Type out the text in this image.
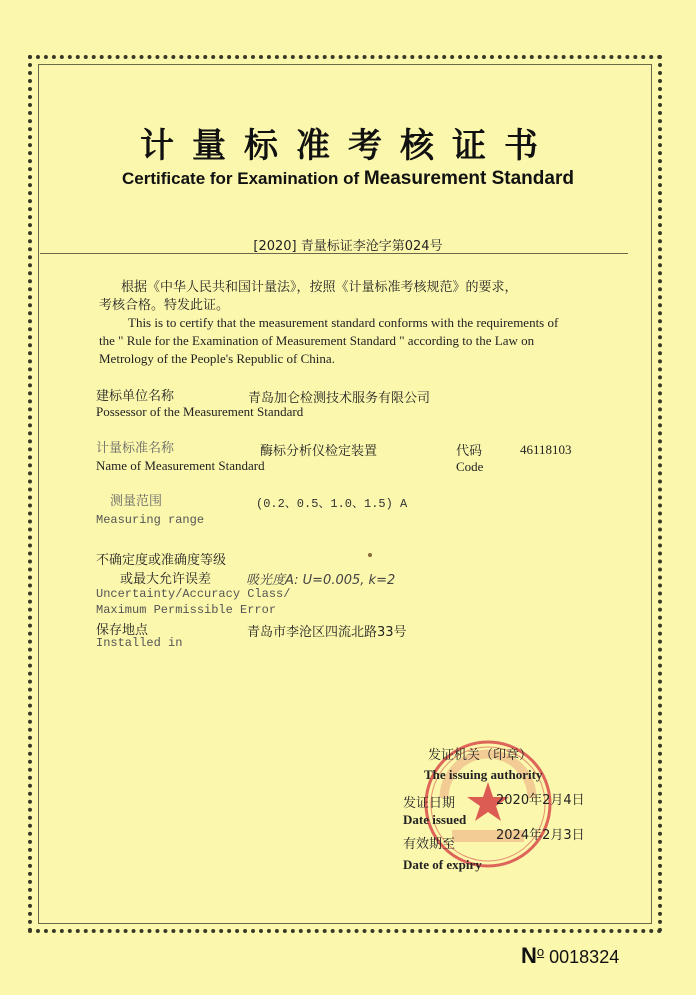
计量标准考核证书
Certificate for Examination of Measurement Standard
[2020] 青量标证李沧字第024号
根据《中华人民共和国计量法》，按照《计量标准考核规范》的要求，
考核合格。特发此证。
This is to certify that the measurement standard conforms with the requirements of
the " Rule for the Examination of Measurement Standard " according to the Law on
Metrology of the People's Republic of China.
建标单位名称
Possessor of the Measurement Standard
青岛加仑检测技术服务有限公司
计量标准名称
Name of Measurement Standard
酶标分析仪检定装置	代码
Code
46118103
测量范围
Measuring range
(0.2、0.5、1.0、1.5) A
不确定度或准确度等级
或最大允许误差
Uncertainty/Accuracy Class/
Maximum Permissible Error
吸光度A: U=0.005, k=2
保存地点
Installed in
青岛市李沧区四流北路33号
发证机关（印章）
The issuing authority
发证日期	2020年2月4日
Date issued
有效期至
2024年2月3日
Date of expiry
$N^o$ 0018324
